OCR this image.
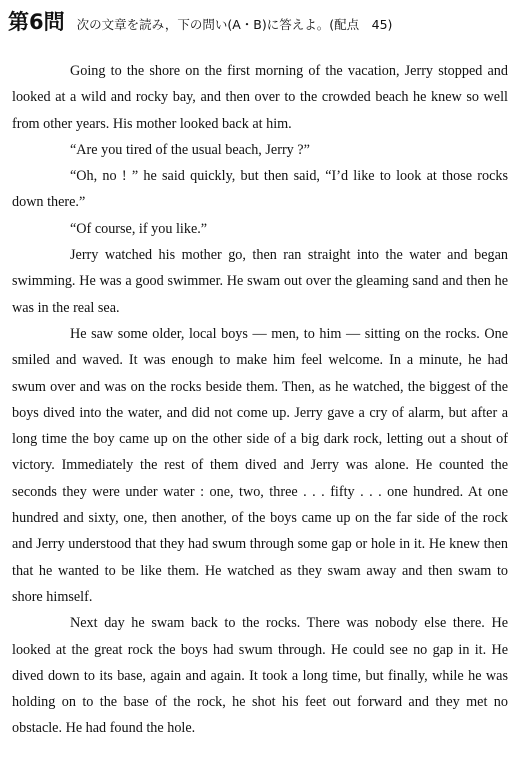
第6問 次の文章を読み，下の問い(A・B)に答えよ。(配点　45)

Going to the shore on the first morning of the vacation, Jerry stopped and looked at a wild and rocky bay, and then over to the crowded beach he knew so well from other years. His mother looked back at him.

“Are you tired of the usual beach, Jerry ?”

“Oh, no ! ” he said quickly, but then said, “I’d like to look at those rocks down there.”

“Of course, if you like.”

Jerry watched his mother go, then ran straight into the water and began swimming. He was a good swimmer. He swam out over the gleaming sand and then he was in the real sea.

He saw some older, local boys — men, to him — sitting on the rocks. One smiled and waved. It was enough to make him feel welcome. In a minute, he had swum over and was on the rocks beside them. Then, as he watched, the biggest of the boys dived into the water, and did not come up. Jerry gave a cry of alarm, but after a long time the boy came up on the other side of a big dark rock, letting out a shout of victory. Immediately the rest of them dived and Jerry was alone. He counted the seconds they were under water : one, two, three . . . fifty . . . one hundred. At one hundred and sixty, one, then another, of the boys came up on the far side of the rock and Jerry understood that they had swum through some gap or hole in it. He knew then that he wanted to be like them. He watched as they swam away and then swam to shore himself.

Next day he swam back to the rocks. There was nobody else there. He looked at the great rock the boys had swum through. He could see no gap in it. He dived down to its base, again and again. It took a long time, but finally, while he was holding on to the base of the rock, he shot his feet out forward and they met no obstacle. He had found the hole.
